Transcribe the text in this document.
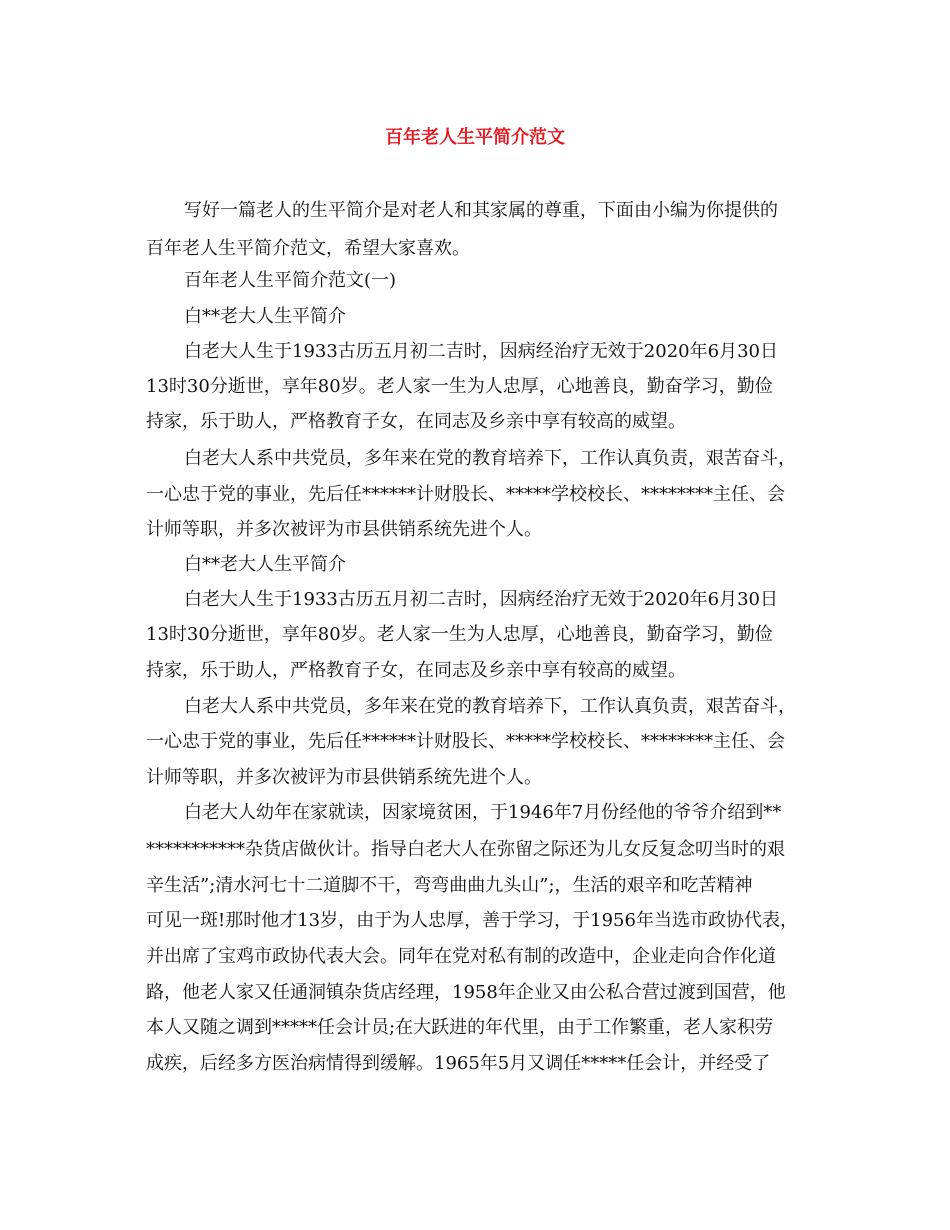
百年老人生平简介范文

写好一篇老人的生平简介是对老人和其家属的尊重，下面由小编为你提供的

百年老人生平简介范文，希望大家喜欢。

百年老人生平简介范文(一)

白**老大人生平简介

白老大人生于1933古历五月初二吉时，因病经治疗无效于2020年6月30日

13时30分逝世，享年80岁。老人家一生为人忠厚，心地善良，勤奋学习，勤俭

持家，乐于助人，严格教育子女，在同志及乡亲中享有较高的威望。

白老大人系中共党员，多年来在党的教育培养下，工作认真负责，艰苦奋斗，

一心忠于党的事业，先后任******计财股长、*****学校校长、********主任、会

计师等职，并多次被评为市县供销系统先进个人。

白**老大人生平简介

白老大人生于1933古历五月初二吉时，因病经治疗无效于2020年6月30日

13时30分逝世，享年80岁。老人家一生为人忠厚，心地善良，勤奋学习，勤俭

持家，乐于助人，严格教育子女，在同志及乡亲中享有较高的威望。

白老大人系中共党员，多年来在党的教育培养下，工作认真负责，艰苦奋斗，

一心忠于党的事业，先后任******计财股长、*****学校校长、********主任、会

计师等职，并多次被评为市县供销系统先进个人。

白老大人幼年在家就读，因家境贫困，于1946年7月份经他的爷爷介绍到**

***********杂货店做伙计。指导白老大人在弥留之际还为儿女反复念叨当时的艰

辛生活”;清水河七十二道脚不干，弯弯曲曲九头山”;，生活的艰辛和吃苦精神

可见一斑!那时他才13岁，由于为人忠厚，善于学习，于1956年当选市政协代表，

并出席了宝鸡市政协代表大会。同年在党对私有制的改造中，企业走向合作化道

路，他老人家又任通洞镇杂货店经理，1958年企业又由公私合营过渡到国营，他

本人又随之调到*****任会计员;在大跃进的年代里，由于工作繁重，老人家积劳

成疾，后经多方医治病情得到缓解。1965年5月又调任*****任会计，并经受了
